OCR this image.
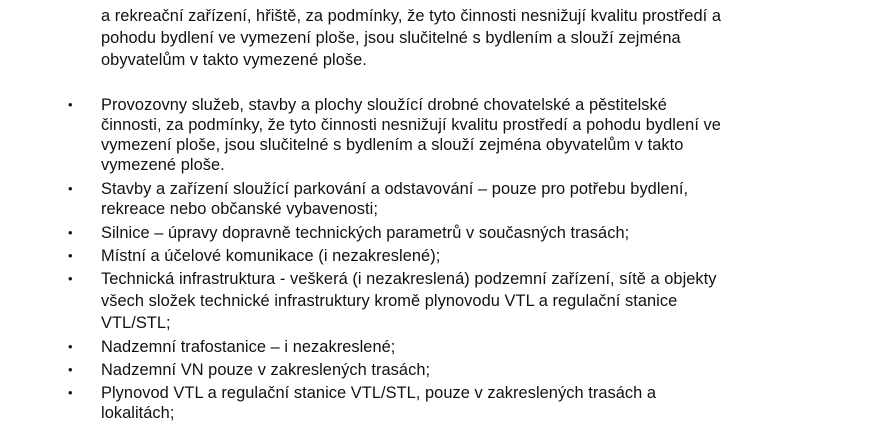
a rekreační zařízení, hřiště, za podmínky, že tyto činnosti nesnižují kvalitu prostředí a
pohodu bydlení ve vymezení ploše, jsou slučitelné s bydlením a slouží zejména
obyvatelům v takto vymezené ploše.
• Provozovny služeb, stavby a plochy sloužící drobné chovatelské a pěstitelské
činnosti, za podmínky, že tyto činnosti nesnižují kvalitu prostředí a pohodu bydlení ve
vymezení ploše, jsou slučitelné s bydlením a slouží zejména obyvatelům v takto
vymezené ploše.
• Stavby a zařízení sloužící parkování a odstavování – pouze pro potřebu bydlení,
rekreace nebo občanské vybavenosti;
• Silnice – úpravy dopravně technických parametrů v současných trasách;
• Místní a účelové komunikace (i nezakreslené);
• Technická infrastruktura - veškerá (i nezakreslená) podzemní zařízení, sítě a objekty
všech složek technické infrastruktury kromě plynovodu VTL a regulační stanice
VTL/STL;
• Nadzemní trafostanice – i nezakreslené;
• Nadzemní VN pouze v zakreslených trasách;
• Plynovod VTL a regulační stanice VTL/STL, pouze v zakreslených trasách a
lokalitách;
